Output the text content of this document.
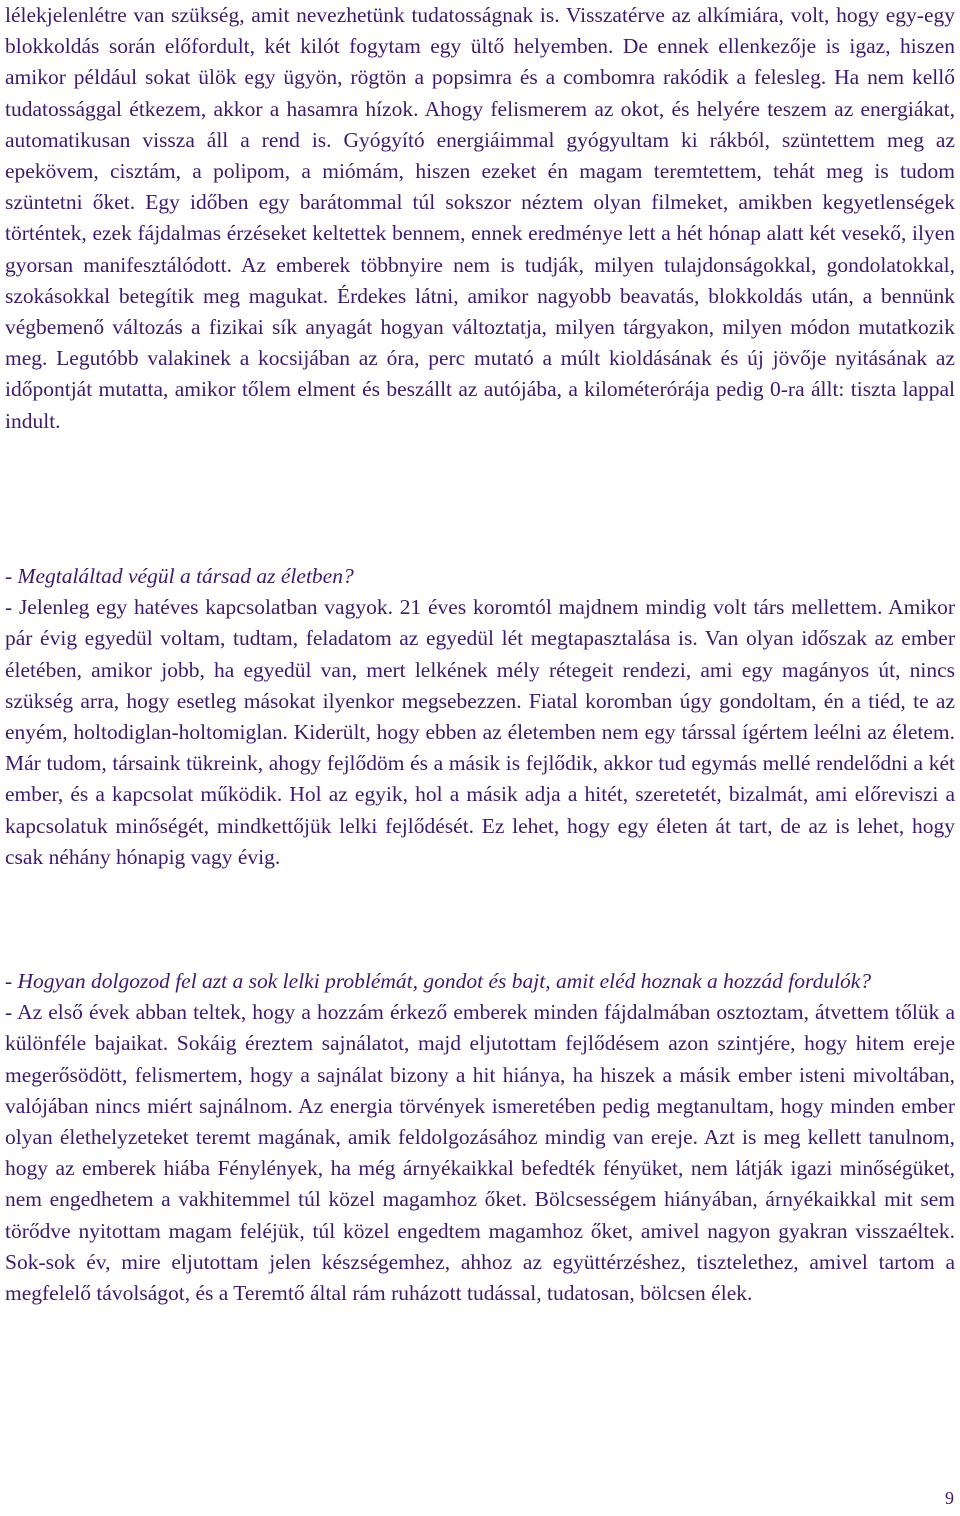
lélekjelenlétre van szükség, amit nevezhetünk tudatosságnak is. Visszatérve az alkímiára, volt, hogy egy-egy blokkoldás során előfordult, két kilót fogytam egy ültő helyemben. De ennek ellenkezője is igaz, hiszen amikor például sokat ülök egy ügyön, rögtön a popsimra és a combomra rakódik a felesleg. Ha nem kellő tudatossággal étkezem, akkor a hasamra hízok. Ahogy felismerem az okot, és helyére teszem az energiákat, automatikusan vissza áll a rend is. Gyógyító energiáimmal gyógyultam ki rákból, szüntettem meg az epekövem, cisztám, a polipom, a miómám, hiszen ezeket én magam teremtettem, tehát meg is tudom szüntetni őket. Egy időben egy barátommal túl sokszor néztem olyan filmeket, amikben kegyetlenségek történtek, ezek fájdalmas érzéseket keltettek bennem, ennek eredménye lett a hét hónap alatt két vesekő, ilyen gyorsan manifesztálódott. Az emberek többnyire nem is tudják, milyen tulajdonságokkal, gondolatokkal, szokásokkal betegítik meg magukat. Érdekes látni, amikor nagyobb beavatás, blokkoldás után, a bennünk végbemenő változás a fizikai sík anyagát hogyan változtatja, milyen tárgyakon, milyen módon mutatkozik meg. Legutóbb valakinek a kocsijában az óra, perc mutató a múlt kioldásának és új jövője nyitásának az időpontját mutatta, amikor tőlem elment és beszállt az autójába, a kilométerórája pedig 0-ra állt: tiszta lappal indult.

- Megtaláltad végül a társad az életben?

- Jelenleg egy hatéves kapcsolatban vagyok. 21 éves koromtól majdnem mindig volt társ mellettem. Amikor pár évig egyedül voltam, tudtam, feladatom az egyedül lét megtapasztalása is. Van olyan időszak az ember életében, amikor jobb, ha egyedül van, mert lelkének mély rétegeit rendezi, ami egy magányos út, nincs szükség arra, hogy esetleg másokat ilyenkor megsebezzen. Fiatal koromban úgy gondoltam, én a tiéd, te az enyém, holtodiglan-holtomiglan. Kiderült, hogy ebben az életemben nem egy társsal ígértem leélni az életem. Már tudom, társaink tükreink, ahogy fejlődöm és a másik is fejlődik, akkor tud egymás mellé rendelődni a két ember, és a kapcsolat működik. Hol az egyik, hol a másik adja a hitét, szeretetét, bizalmát, ami előreviszi a kapcsolatuk minőségét, mindkettőjük lelki fejlődését. Ez lehet, hogy egy életen át tart, de az is lehet, hogy csak néhány hónapig vagy évig.

- Hogyan dolgozod fel azt a sok lelki problémát, gondot és bajt, amit eléd hoznak a hozzád fordulók?

- Az első évek abban teltek, hogy a hozzám érkező emberek minden fájdalmában osztoztam, átvettem tőlük a különféle bajaikat. Sokáig éreztem sajnálatot, majd eljutottam fejlődésem azon szintjére, hogy hitem ereje megerősödött, felismertem, hogy a sajnálat bizony a hit hiánya, ha hiszek a másik ember isteni mivoltában, valójában nincs miért sajnálnom. Az energia törvények ismeretében pedig megtanultam, hogy minden ember olyan élethelyzeteket teremt magának, amik feldolgozásához mindig van ereje. Azt is meg kellett tanulnom, hogy az emberek hiába Fénylények, ha még árnyékaikkal befedték fényüket, nem látják igazi minőségüket, nem engedhetem a vakhitemmel túl közel magamhoz őket. Bölcsességem hiányában, árnyékaikkal mit sem törődve nyitottam magam feléjük, túl közel engedtem magamhoz őket, amivel nagyon gyakran visszaéltek. Sok-sok év, mire eljutottam jelen készségemhez, ahhoz az együttérzéshez, tisztelethez, amivel tartom a megfelelő távolságot, és a Teremtő által rám ruházott tudással, tudatosan, bölcsen élek.

9
